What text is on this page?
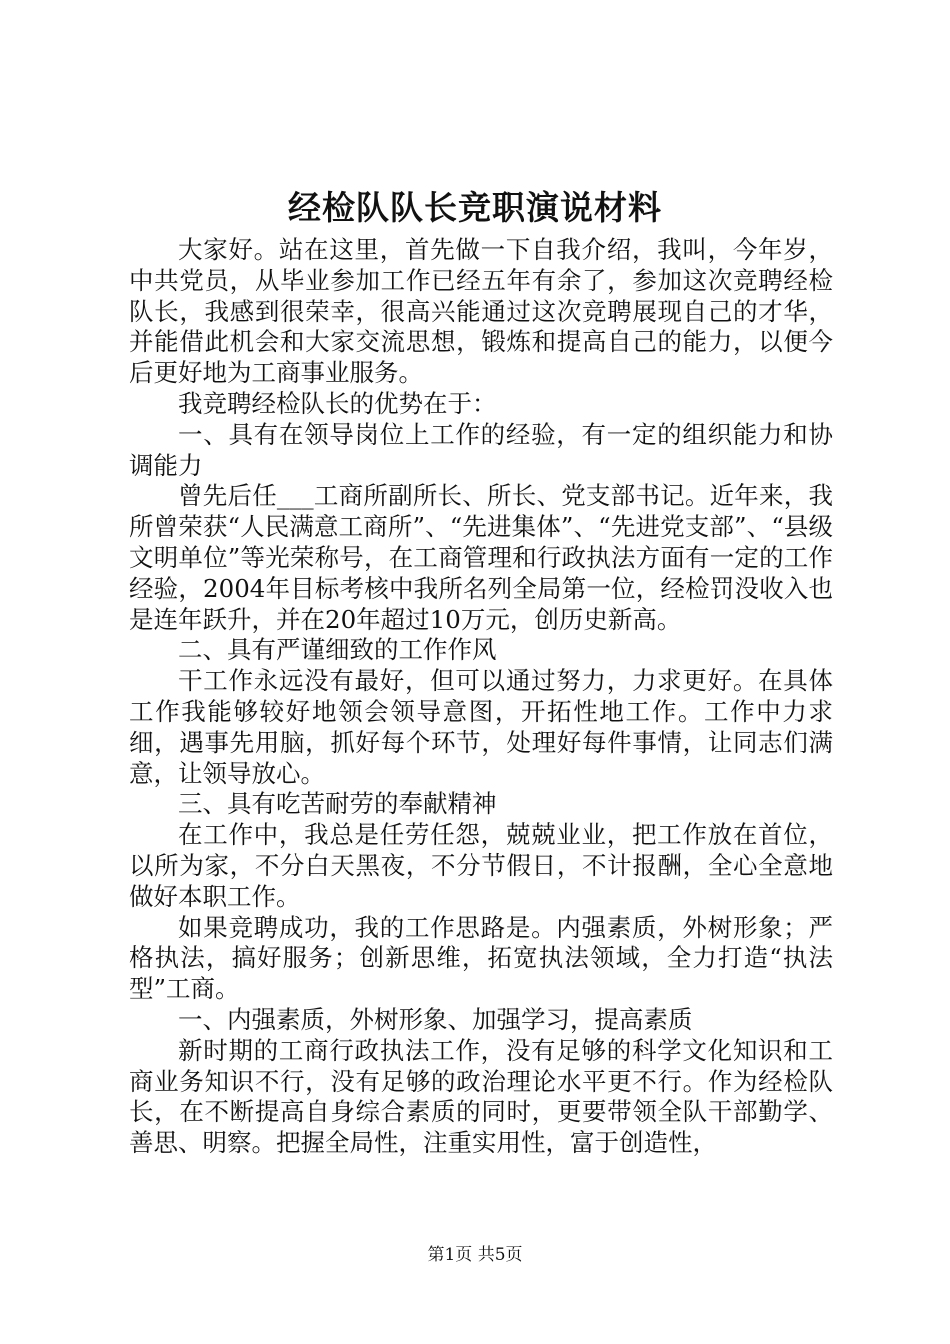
经检队队长竞职演说材料

大家好。站在这里，首先做一下自我介绍，我叫，今年岁，中共党员，从毕业参加工作已经五年有余了，参加这次竞聘经检队长，我感到很荣幸，很高兴能通过这次竞聘展现自己的才华，并能借此机会和大家交流思想，锻炼和提高自己的能力，以便今后更好地为工商事业服务。

我竞聘经检队长的优势在于：

一、具有在领导岗位上工作的经验，有一定的组织能力和协调能力

曾先后任___工商所副所长、所长、党支部书记。近年来，我所曾荣获“人民满意工商所”、“先进集体”、“先进党支部”、“县级文明单位”等光荣称号，在工商管理和行政执法方面有一定的工作经验，2004年目标考核中我所名列全局第一位，经检罚没收入也是连年跃升，并在20年超过10万元，创历史新高。

二、具有严谨细致的工作作风

干工作永远没有最好，但可以通过努力，力求更好。在具体工作我能够较好地领会领导意图，开拓性地工作。工作中力求细，遇事先用脑，抓好每个环节，处理好每件事情，让同志们满意，让领导放心。

三、具有吃苦耐劳的奉献精神

在工作中，我总是任劳任怨，兢兢业业，把工作放在首位，以所为家，不分白天黑夜，不分节假日，不计报酬，全心全意地做好本职工作。

如果竞聘成功，我的工作思路是。内强素质，外树形象；严格执法，搞好服务；创新思维，拓宽执法领域，全力打造“执法型”工商。

一、内强素质，外树形象、加强学习，提高素质

新时期的工商行政执法工作，没有足够的科学文化知识和工商业务知识不行，没有足够的政治理论水平更不行。作为经检队长，在不断提高自身综合素质的同时，更要带领全队干部勤学、善思、明察。把握全局性，注重实用性，富于创造性，

第1页 共5页
